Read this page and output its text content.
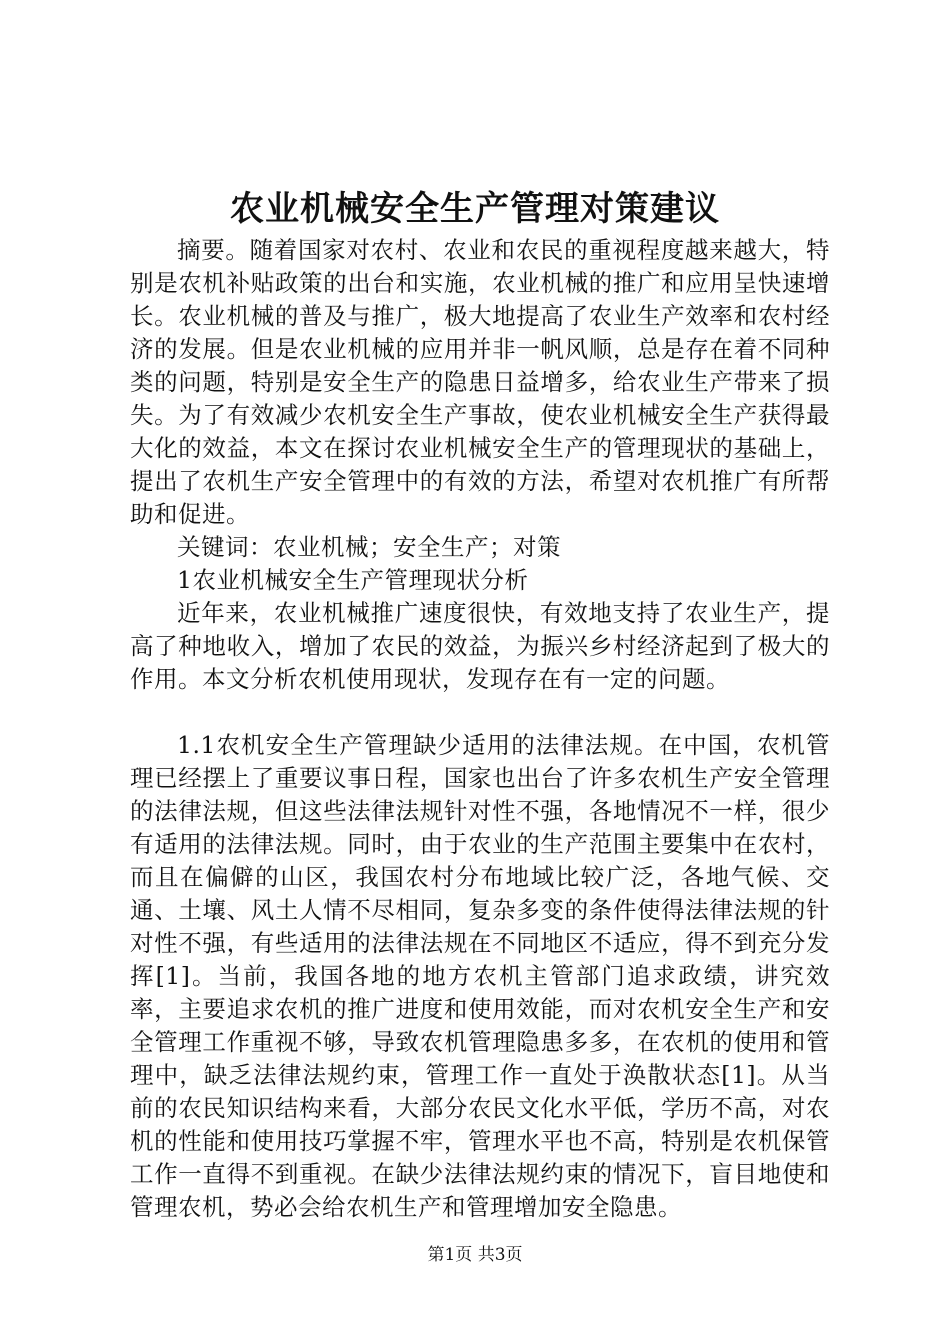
农业机械安全生产管理对策建议

摘要。随着国家对农村、农业和农民的重视程度越来越大，特别是农机补贴政策的出台和实施，农业机械的推广和应用呈快速增长。农业机械的普及与推广，极大地提高了农业生产效率和农村经济的发展。但是农业机械的应用并非一帆风顺，总是存在着不同种类的问题，特别是安全生产的隐患日益增多，给农业生产带来了损失。为了有效减少农机安全生产事故，使农业机械安全生产获得最大化的效益，本文在探讨农业机械安全生产的管理现状的基础上，提出了农机生产安全管理中的有效的方法，希望对农机推广有所帮助和促进。

关键词：农业机械；安全生产；对策

1农业机械安全生产管理现状分析

近年来，农业机械推广速度很快，有效地支持了农业生产，提高了种地收入，增加了农民的效益，为振兴乡村经济起到了极大的作用。本文分析农机使用现状，发现存在有一定的问题。

1.1农机安全生产管理缺少适用的法律法规。在中国，农机管理已经摆上了重要议事日程，国家也出台了许多农机生产安全管理的法律法规，但这些法律法规针对性不强，各地情况不一样，很少有适用的法律法规。同时，由于农业的生产范围主要集中在农村，而且在偏僻的山区，我国农村分布地域比较广泛，各地气候、交通、土壤、风土人情不尽相同，复杂多变的条件使得法律法规的针对性不强，有些适用的法律法规在不同地区不适应，得不到充分发挥[1]。当前，我国各地的地方农机主管部门追求政绩，讲究效率，主要追求农机的推广进度和使用效能，而对农机安全生产和安全管理工作重视不够，导致农机管理隐患多多，在农机的使用和管理中，缺乏法律法规约束，管理工作一直处于涣散状态[1]。从当前的农民知识结构来看，大部分农民文化水平低，学历不高，对农机的性能和使用技巧掌握不牢，管理水平也不高，特别是农机保管工作一直得不到重视。在缺少法律法规约束的情况下，盲目地使和管理农机，势必会给农机生产和管理增加安全隐患。

第1页 共3页
